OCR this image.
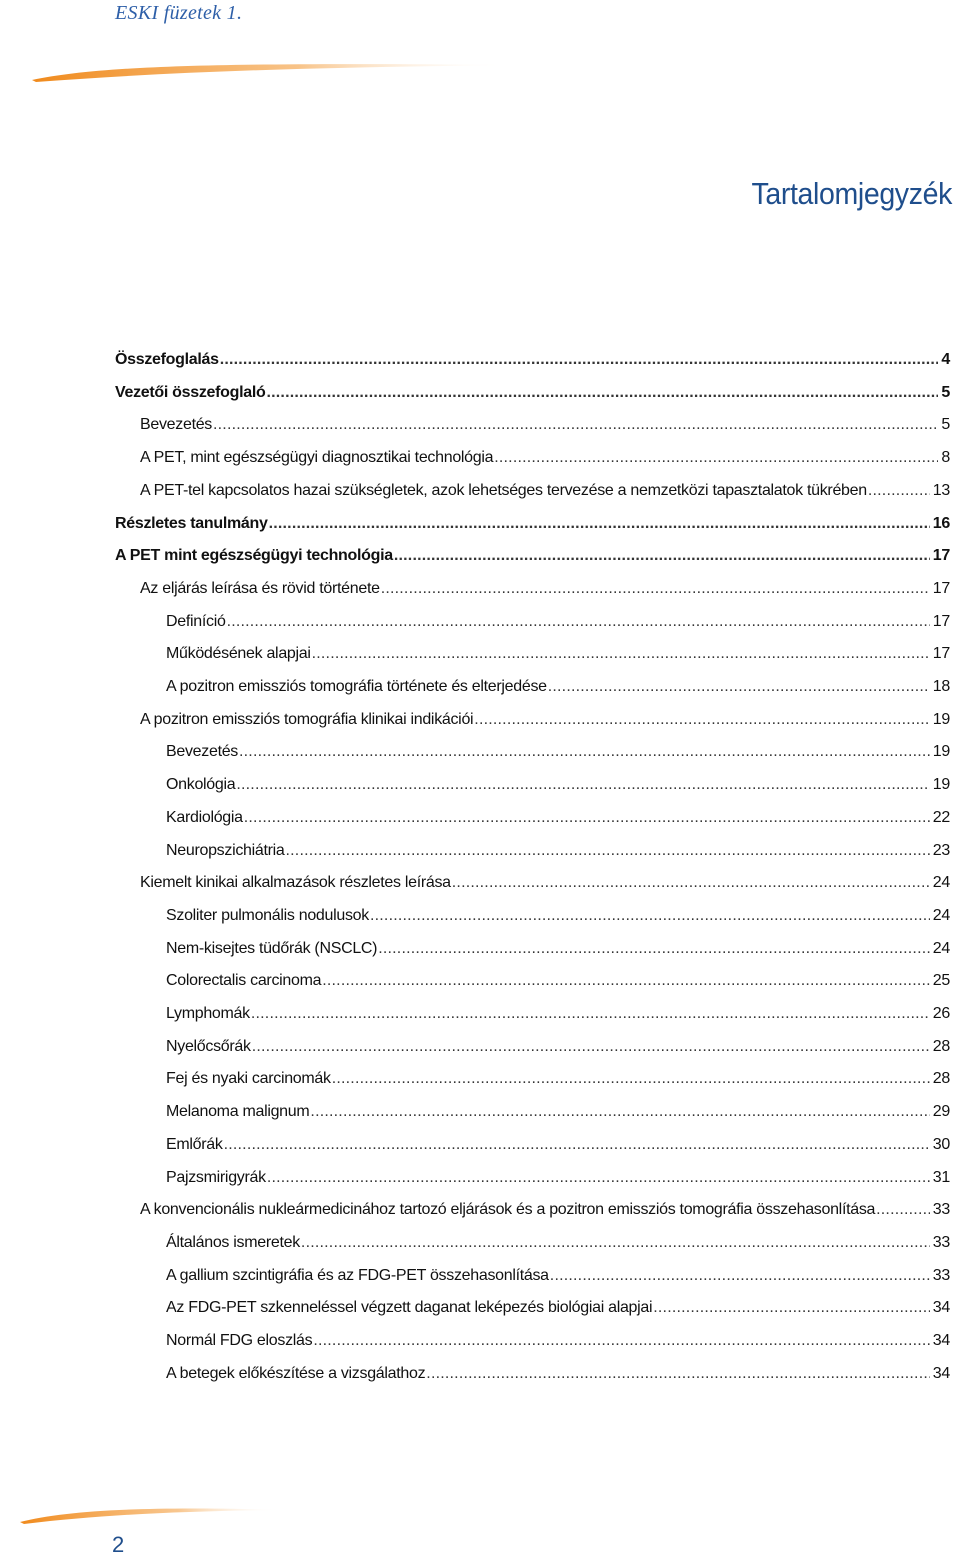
ESKI füzetek 1.
Tartalomjegyzék
Összefoglalás .....	4
Vezetői összefoglaló .....	5
Bevezetés .....	5
A PET, mint egészségügyi diagnosztikai technológia .....	8
A PET-tel kapcsolatos hazai szükségletek, azok lehetséges tervezése a nemzetközi tapasztalatok tükrében .....	13
Részletes tanulmány .....	16
A PET mint egészségügyi technológia .....	17
Az eljárás leírása és rövid története .....	17
Definíció .....	17
Működésének alapjai .....	17
A pozitron emissziós tomográfia története és elterjedése .....	18
A pozitron emissziós tomográfia klinikai indikációi .....	19
Bevezetés .....	19
Onkológia .....	19
Kardiológia .....	22
Neuropszichiátria .....	23
Kiemelt kinikai alkalmazások részletes leírása .....	24
Szoliter pulmonális nodulusok .....	24
Nem-kisejtes tüdőrák (NSCLC) .....	24
Colorectalis carcinoma .....	25
Lymphomák .....	26
Nyelőcsőrák .....	28
Fej és nyaki carcinomák .....	28
Melanoma malignum .....	29
Emlőrák .....	30
Pajzsmirigyrák .....	31
A konvencionális nukleármedicinához tartozó eljárások és a pozitron emissziós tomográfia összehasonlítása .....	33
Általános ismeretek .....	33
A gallium szcintigráfia és az FDG-PET összehasonlítása .....	33
Az FDG-PET szkenneléssel végzett daganat leképezés biológiai alapjai .....	34
Normál FDG eloszlás .....	34
A betegek előkészítése a vizsgálathoz .....	34
2
